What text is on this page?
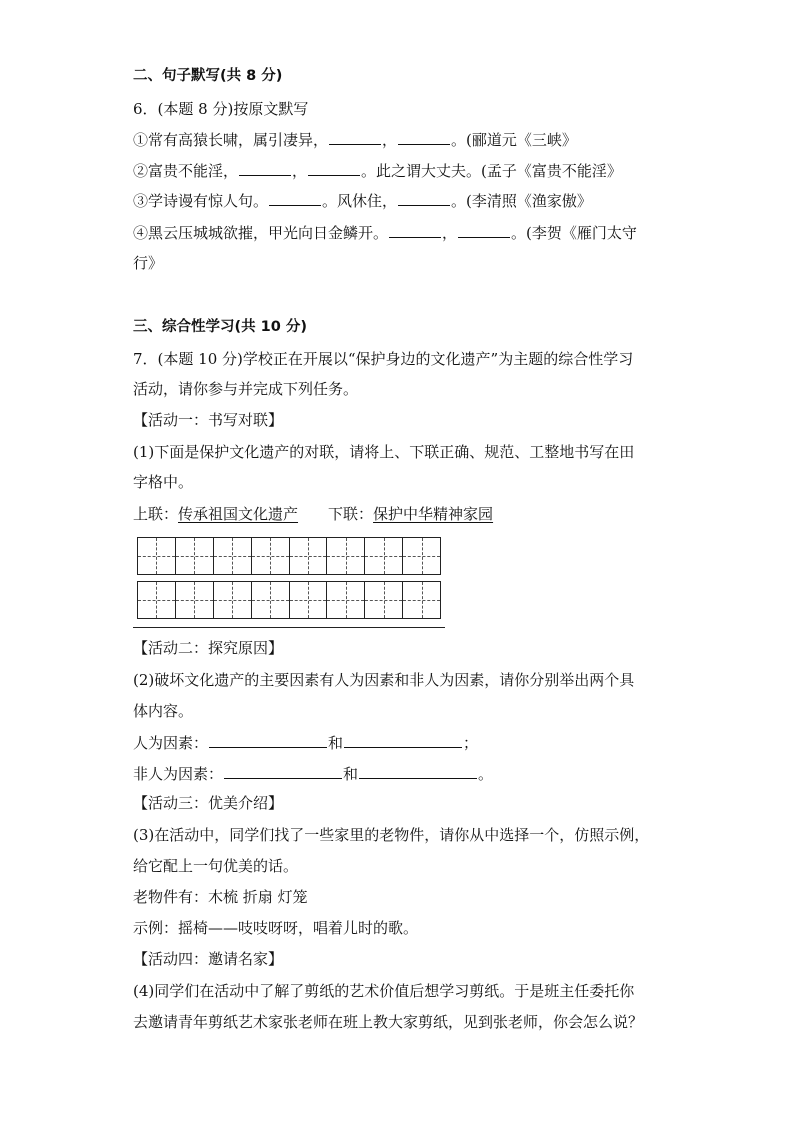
二、句子默写(共 8 分)
6．(本题 8 分)按原文默写
①常有高猿长啸，属引凄异，	，	。(郦道元《三峡》
②富贵不能淫，	，	。此之谓大丈夫。(孟子《富贵不能淫》
③学诗谩有惊人句。	。风休住，	。(李清照《渔家傲》
④黑云压城城欲摧，甲光向日金鳞开。	，	。(李贺《雁门太守
行》
三、综合性学习(共 10 分)
7．(本题 10 分)学校正在开展以“保护身边的文化遗产”为主题的综合性学习
活动，请你参与并完成下列任务。
【活动一：书写对联】
(1)下面是保护文化遗产的对联，请将上、下联正确、规范、工整地书写在田
字格中。
上联：传承祖国文化遗产 下联：保护中华精神家园
【活动二：探究原因】
(2)破坏文化遗产的主要因素有人为因素和非人为因素，请你分别举出两个具
体内容。
人为因素：	和	；
非人为因素：	和	。
【活动三：优美介绍】
(3)在活动中，同学们找了一些家里的老物件，请你从中选择一个，仿照示例，
给它配上一句优美的话。
老物件有：木梳 折扇 灯笼
示例：摇椅——吱吱呀呀，唱着儿时的歌。
【活动四：邀请名家】
(4)同学们在活动中了解了剪纸的艺术价值后想学习剪纸。于是班主任委托你
去邀请青年剪纸艺术家张老师在班上教大家剪纸，见到张老师，你会怎么说？
